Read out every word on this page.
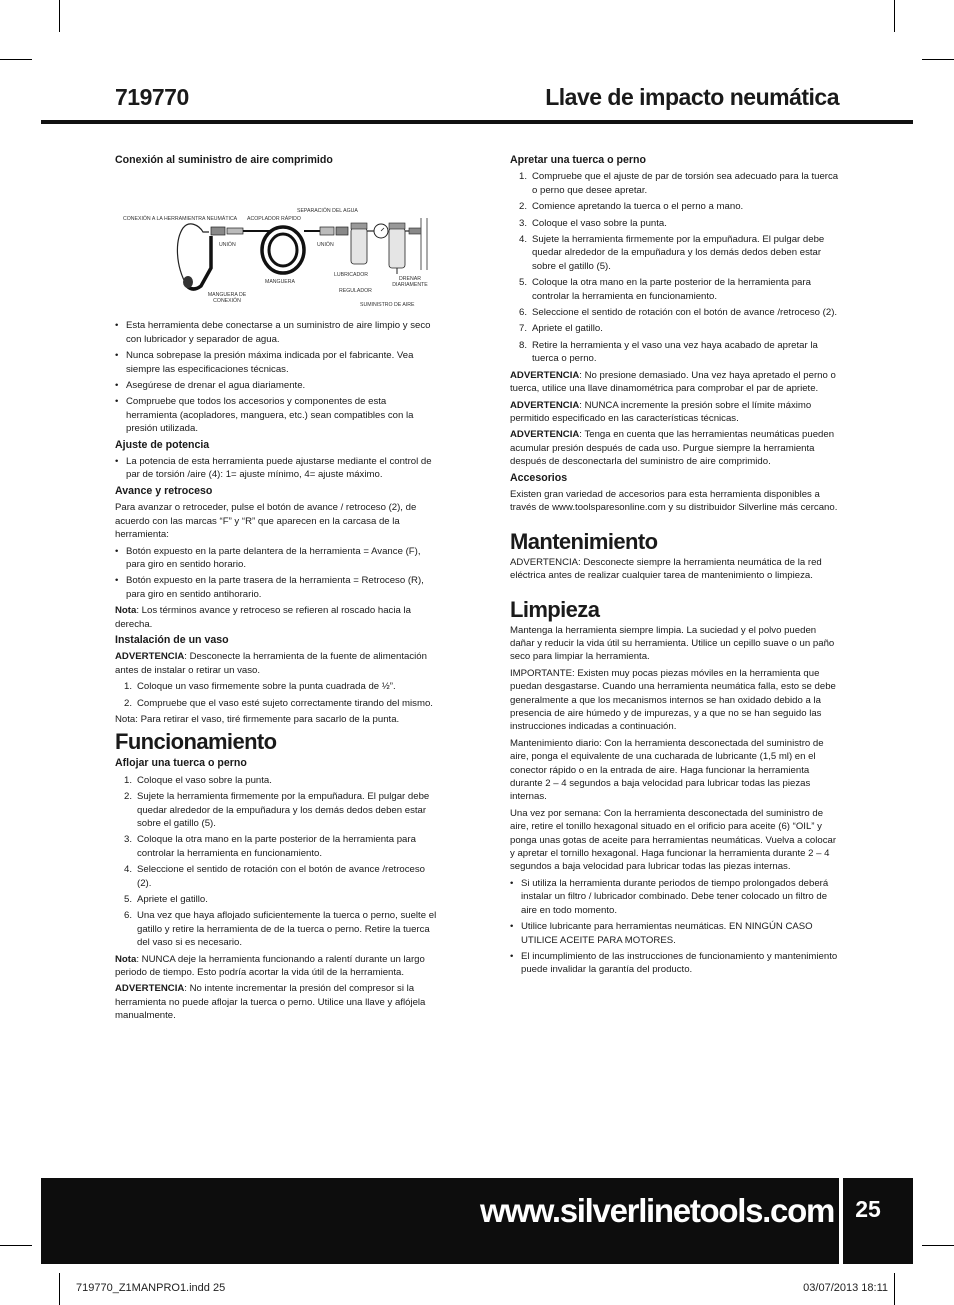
719770	Llave de impacto neumática
Conexión al suministro de aire comprimido
CONEXIÓN A LA HERRAMIENTRA NEUMÁTICA ACOPLADOR RÁPIDO
SEPARACIÓN DEL AGUA
UNIÓN	UNIÓN
MANGUERA
LUBRICADOR
REGULADOR
DRENAR DIARIAMENTE
MANGUERA DE CONEXIÓN
SUMINISTRO DE AIRE
• Esta herramienta debe conectarse a un suministro de aire limpio y seco con lubricador y separador de agua.
• Nunca sobrepase la presión máxima indicada por el fabricante. Vea siempre las especificaciones técnicas.
• Asegúrese de drenar el agua diariamente.
• Compruebe que todos los accesorios y componentes de esta herramienta (acopladores, manguera, etc.) sean compatibles con la presión utilizada.
Ajuste de potencia
• La potencia de esta herramienta puede ajustarse mediante el control de par de torsión /aire (4): 1= ajuste mínimo, 4= ajuste máximo.
Avance y retroceso

Para avanzar o retroceder, pulse el botón de avance / retroceso (2), de acuerdo con las marcas “F” y “R” que aparecen en la carcasa de la herramienta:

• Botón expuesto en la parte delantera de la herramienta = Avance (F), para giro en sentido horario.
• Botón expuesto en la parte trasera de la herramienta = Retroceso (R), para giro en sentido antihorario.

Nota: Los términos avance y retroceso se refieren al roscado hacia la derecha.

Instalación de un vaso

ADVERTENCIA: Desconecte la herramienta de la fuente de alimentación antes de instalar o retirar un vaso.

1. Coloque un vaso firmemente sobre la punta cuadrada de ½”.
2. Compruebe que el vaso esté sujeto correctamente tirando del mismo.

Nota: Para retirar el vaso, tiré firmemente para sacarlo de la punta.

Funcionamiento
Aflojar una tuerca o perno
1. Coloque el vaso sobre la punta.
2. Sujete la herramienta firmemente por la empuñadura. El pulgar debe quedar alrededor de la empuñadura y los demás dedos deben estar sobre el gatillo (5).
3. Coloque la otra mano en la parte posterior de la herramienta para controlar la herramienta en funcionamiento.
4. Seleccione el sentido de rotación con el botón de avance /retroceso (2).
5. Apriete el gatillo.
6. Una vez que haya aflojado suficientemente la tuerca o perno, suelte el gatillo y retire la herramienta de de la tuerca o perno. Retire la tuerca del vaso si es necesario.

Nota: NUNCA deje la herramienta funcionando a ralentí durante un largo periodo de tiempo. Esto podría acortar la vida útil de la herramienta.

ADVERTENCIA: No intente incrementar la presión del compresor si la herramienta no puede aflojar la tuerca o perno. Utilice una llave y aflójela manualmente.

Apretar una tuerca o perno
1. Compruebe que el ajuste de par de torsión sea adecuado para la tuerca o perno que desee apretar.
2. Comience apretando la tuerca o el perno a mano.
3. Coloque el vaso sobre la punta.
4. Sujete la herramienta firmemente por la empuñadura. El pulgar debe quedar alrededor de la empuñadura y los demás dedos deben estar sobre el gatillo (5).
5. Coloque la otra mano en la parte posterior de la herramienta para controlar la herramienta en funcionamiento.
6. Seleccione el sentido de rotación con el botón de avance /retroceso (2).
7. Apriete el gatillo.
8. Retire la herramienta y el vaso una vez haya acabado de apretar la tuerca o perno.

ADVERTENCIA: No presione demasiado. Una vez haya apretado el perno o tuerca, utilice una llave dinamométrica para comprobar el par de apriete.

ADVERTENCIA: NUNCA incremente la presión sobre el límite máximo permitido especificado en las características técnicas.

ADVERTENCIA: Tenga en cuenta que las herramientas neumáticas pueden acumular presión después de cada uso. Purgue siempre la herramienta después de desconectarla del suministro de aire comprimido.

Accesorios

Existen gran variedad de accesorios para esta herramienta disponibles a través de www.toolsparesonline.com y su distribuidor Silverline más cercano.

Mantenimiento

ADVERTENCIA: Desconecte siempre la herramienta neumática de la red eléctrica antes de realizar cualquier tarea de mantenimiento o limpieza.

Limpieza

Mantenga la herramienta siempre limpia. La suciedad y el polvo pueden dañar y reducir la vida útil su herramienta. Utilice un cepillo suave o un paño seco para limpiar la herramienta.

IMPORTANTE: Existen muy pocas piezas móviles en la herramienta que puedan desgastarse. Cuando una herramienta neumática falla, esto se debe generalmente a que los mecanismos internos se han oxidado debido a la presencia de aire húmedo y de impurezas, y a que no se han seguido las instrucciones indicadas a continuación.

Mantenimiento diario: Con la herramienta desconectada del suministro de aire, ponga el equivalente de una cucharada de lubricante (1,5 ml) en el conector rápido o en la entrada de aire. Haga funcionar la herramienta durante 2 – 4 segundos a baja velocidad para lubricar todas las piezas internas.

Una vez por semana: Con la herramienta desconectada del suministro de aire, retire el tonillo hexagonal situado en el orificio para aceite (6) “OIL” y ponga unas gotas de aceite para herramientas neumáticas. Vuelva a colocar y apretar el tornillo hexagonal. Haga funcionar la herramienta durante 2 – 4 segundos a baja velocidad para lubricar todas las piezas internas.

• Si utiliza la herramienta durante periodos de tiempo prolongados deberá instalar un filtro / lubricador combinado. Debe tener colocado un filtro de aire en todo momento.
• Utilice lubricante para herramientas neumáticas. EN NINGÚN CASO UTILICE ACEITE PARA MOTORES.
• El incumplimiento de las instrucciones de funcionamiento y mantenimiento puede invalidar la garantía del producto.
www.silverlinetools.com 25
719770_Z1MANPRO1.indd 25	03/07/2013 18:11
